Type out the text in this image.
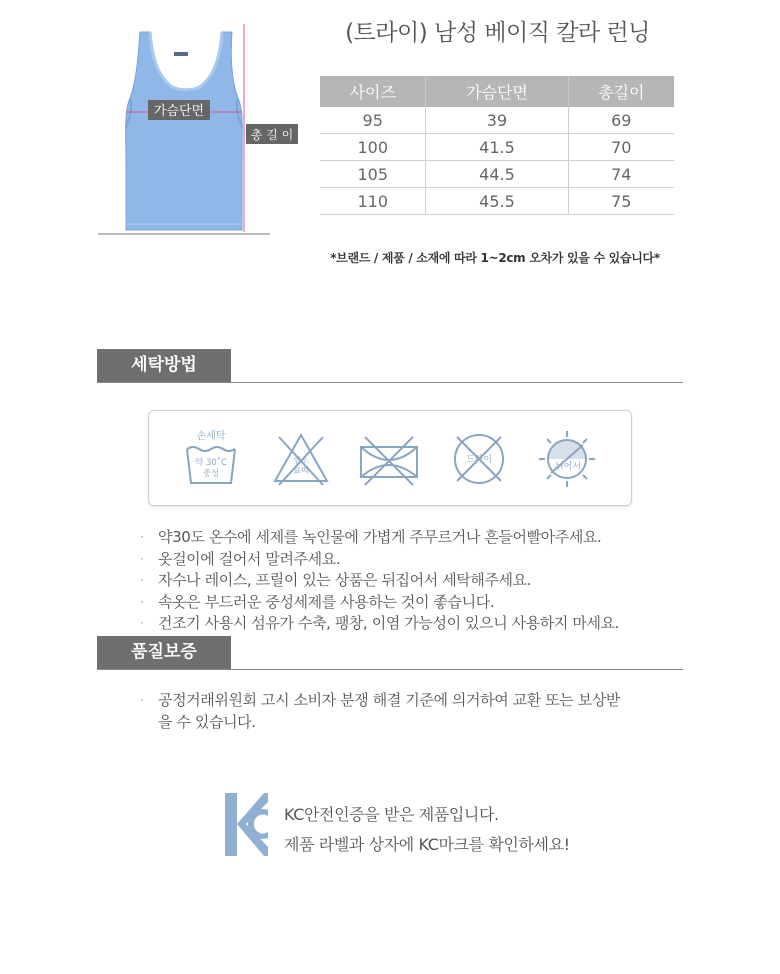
가슴단면
총 길 이
(트라이) 남성 베이직 칼라 런닝
사이즈	가슴단면	총길이
95	39	69
100	41.5	70
105	44.5	74
110	45.5	75
*브랜드 / 제품 / 소재에 따라 1~2cm 오차가 있을 수 있습니다*
세탁방법
손세탁
약 30˚C
중성
염소
표백
드라이
뉘어서
· 약30도 온수에 세제를 녹인물에 가볍게 주무르거나 흔들어빨아주세요.
· 옷걸이에 걸어서 말려주세요.
· 자수나 레이스, 프릴이 있는 상품은 뒤집어서 세탁해주세요.
· 속옷은 부드러운 중성세제를 사용하는 것이 좋습니다.
· 건조기 사용시 섬유가 수축, 팽창, 이염 가능성이 있으니 사용하지 마세요.
품질보증
· 공정거래위원회 고시 소비자 분쟁 해결 기준에 의거하여 교환 또는 보상받을 수 있습니다.
KC안전인증을 받은 제품입니다.
제품 라벨과 상자에 KC마크를 확인하세요!
